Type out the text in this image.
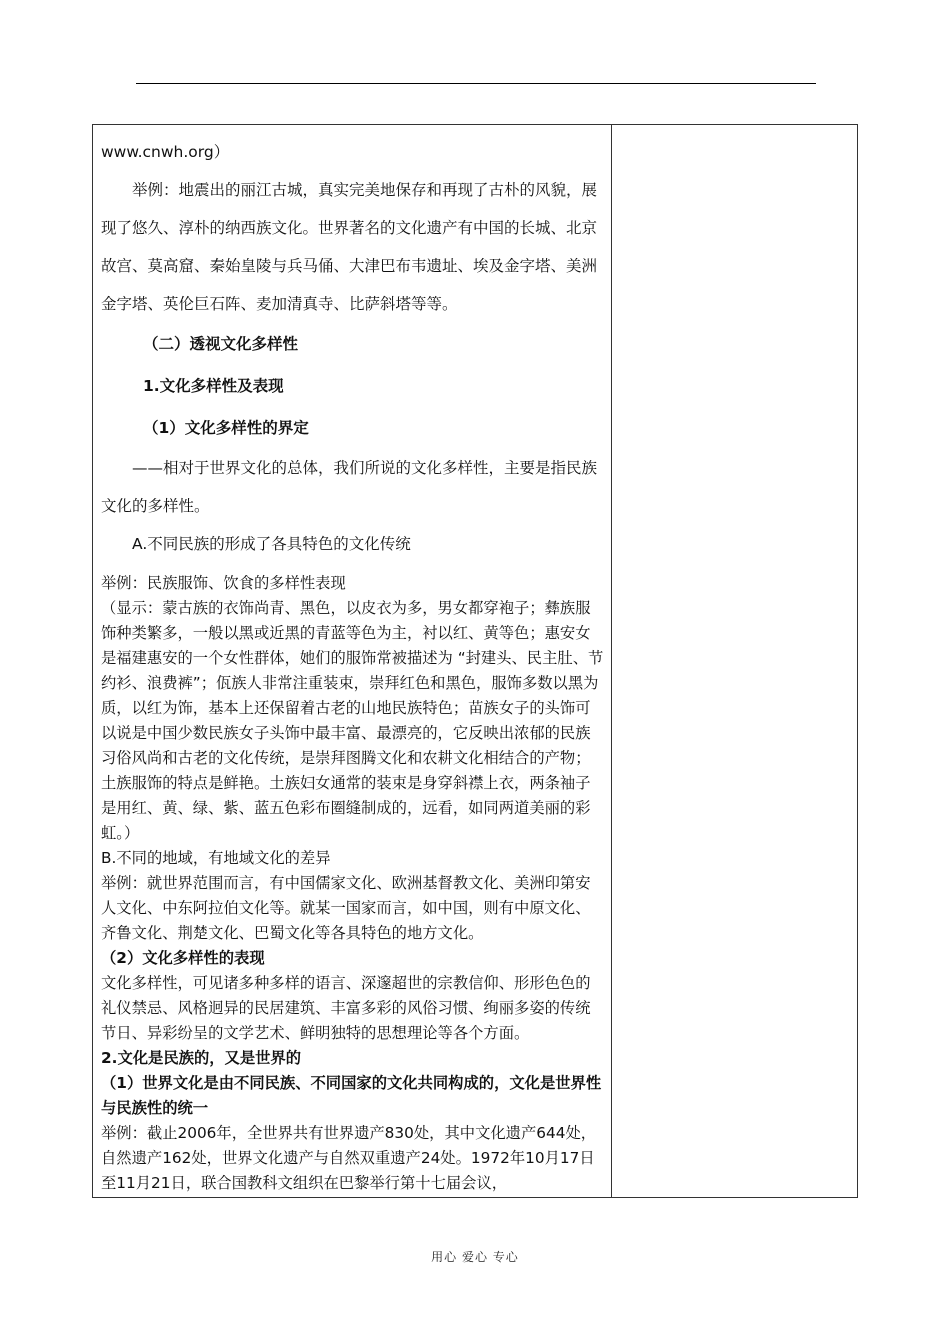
www.cnwh.org）

举例：地震出的丽江古城，真实完美地保存和再现了古朴的风貌，展现了悠久、淳朴的纳西族文化。世界著名的文化遗产有中国的长城、北京故宫、莫高窟、秦始皇陵与兵马俑、大津巴布韦遗址、埃及金字塔、美洲金字塔、英伦巨石阵、麦加清真寺、比萨斜塔等等。

（二）透视文化多样性

1.文化多样性及表现

（1）文化多样性的界定

——相对于世界文化的总体，我们所说的文化多样性，主要是指民族文化的多样性。

A.不同民族的形成了各具特色的文化传统

举例：民族服饰、饮食的多样性表现

（显示：蒙古族的衣饰尚青、黑色，以皮衣为多，男女都穿袍子；彝族服饰种类繁多，一般以黑或近黑的青蓝等色为主，衬以红、黄等色；惠安女是福建惠安的一个女性群体，她们的服饰常被描述为 “封建头、民主肚、节约衫、浪费裤”；佤族人非常注重装束，崇拜红色和黑色，服饰多数以黑为质，以红为饰，基本上还保留着古老的山地民族特色；苗族女子的头饰可以说是中国少数民族女子头饰中最丰富、最漂亮的，它反映出浓郁的民族习俗风尚和古老的文化传统，是崇拜图腾文化和农耕文化相结合的产物；土族服饰的特点是鲜艳。土族妇女通常的装束是身穿斜襟上衣，两条袖子是用红、黄、绿、紫、蓝五色彩布圈缝制成的，远看，如同两道美丽的彩虹。）

B.不同的地域，有地域文化的差异

举例：就世界范围而言，有中国儒家文化、欧洲基督教文化、美洲印第安人文化、中东阿拉伯文化等。就某一国家而言，如中国，则有中原文化、齐鲁文化、荆楚文化、巴蜀文化等各具特色的地方文化。

（2）文化多样性的表现

文化多样性，可见诸多种多样的语言、深邃超世的宗教信仰、形形色色的礼仪禁忌、风格迥异的民居建筑、丰富多彩的风俗习惯、绚丽多姿的传统节日、异彩纷呈的文学艺术、鲜明独特的思想理论等各个方面。

2.文化是民族的，又是世界的

（1）世界文化是由不同民族、不同国家的文化共同构成的，文化是世界性与民族性的统一

举例：截止2006年，全世界共有世界遗产830处，其中文化遗产644处，自然遗产162处，世界文化遗产与自然双重遗产24处。1972年10月17日至11月21日，联合国教科文组织在巴黎举行第十七届会议，

用心 爱心 专心
